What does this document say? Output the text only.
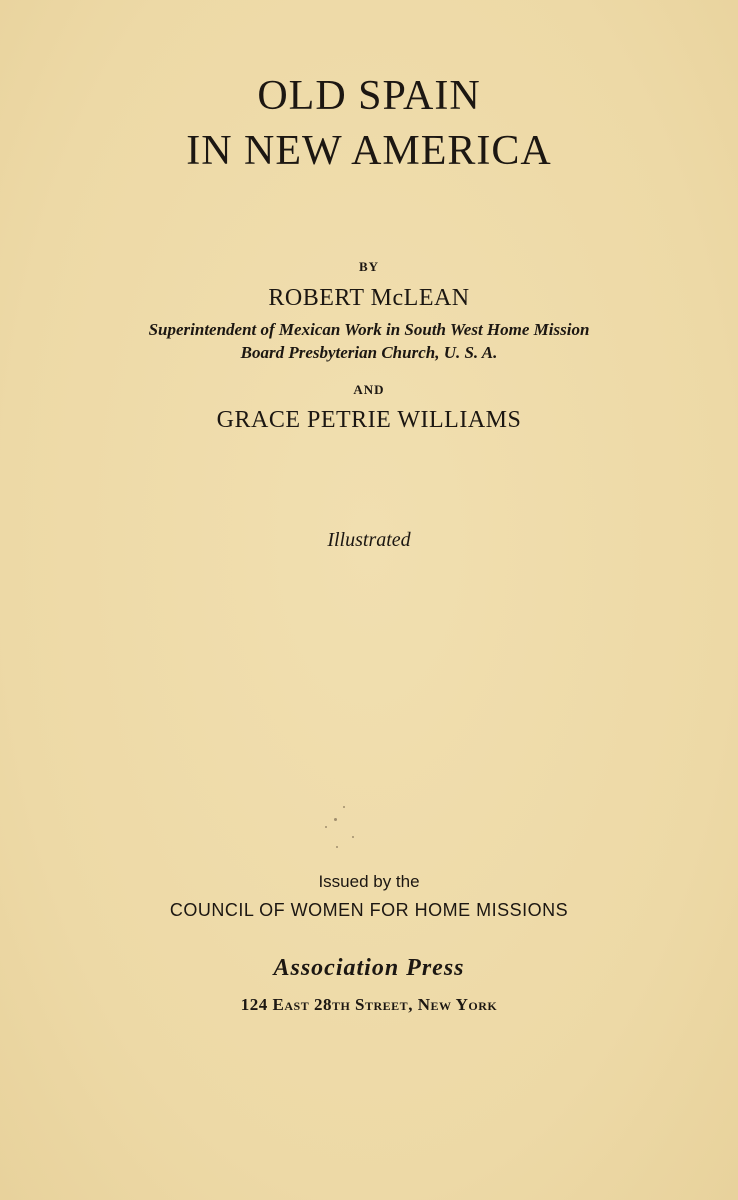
OLD SPAIN
IN NEW AMERICA
BY
ROBERT McLEAN
Superintendent of Mexican Work in South West Home Mission
Board Presbyterian Church, U. S. A.
AND
GRACE PETRIE WILLIAMS
Illustrated
Issued by the
COUNCIL OF WOMEN FOR HOME MISSIONS
Association Press
124 East 28th Street, New York
